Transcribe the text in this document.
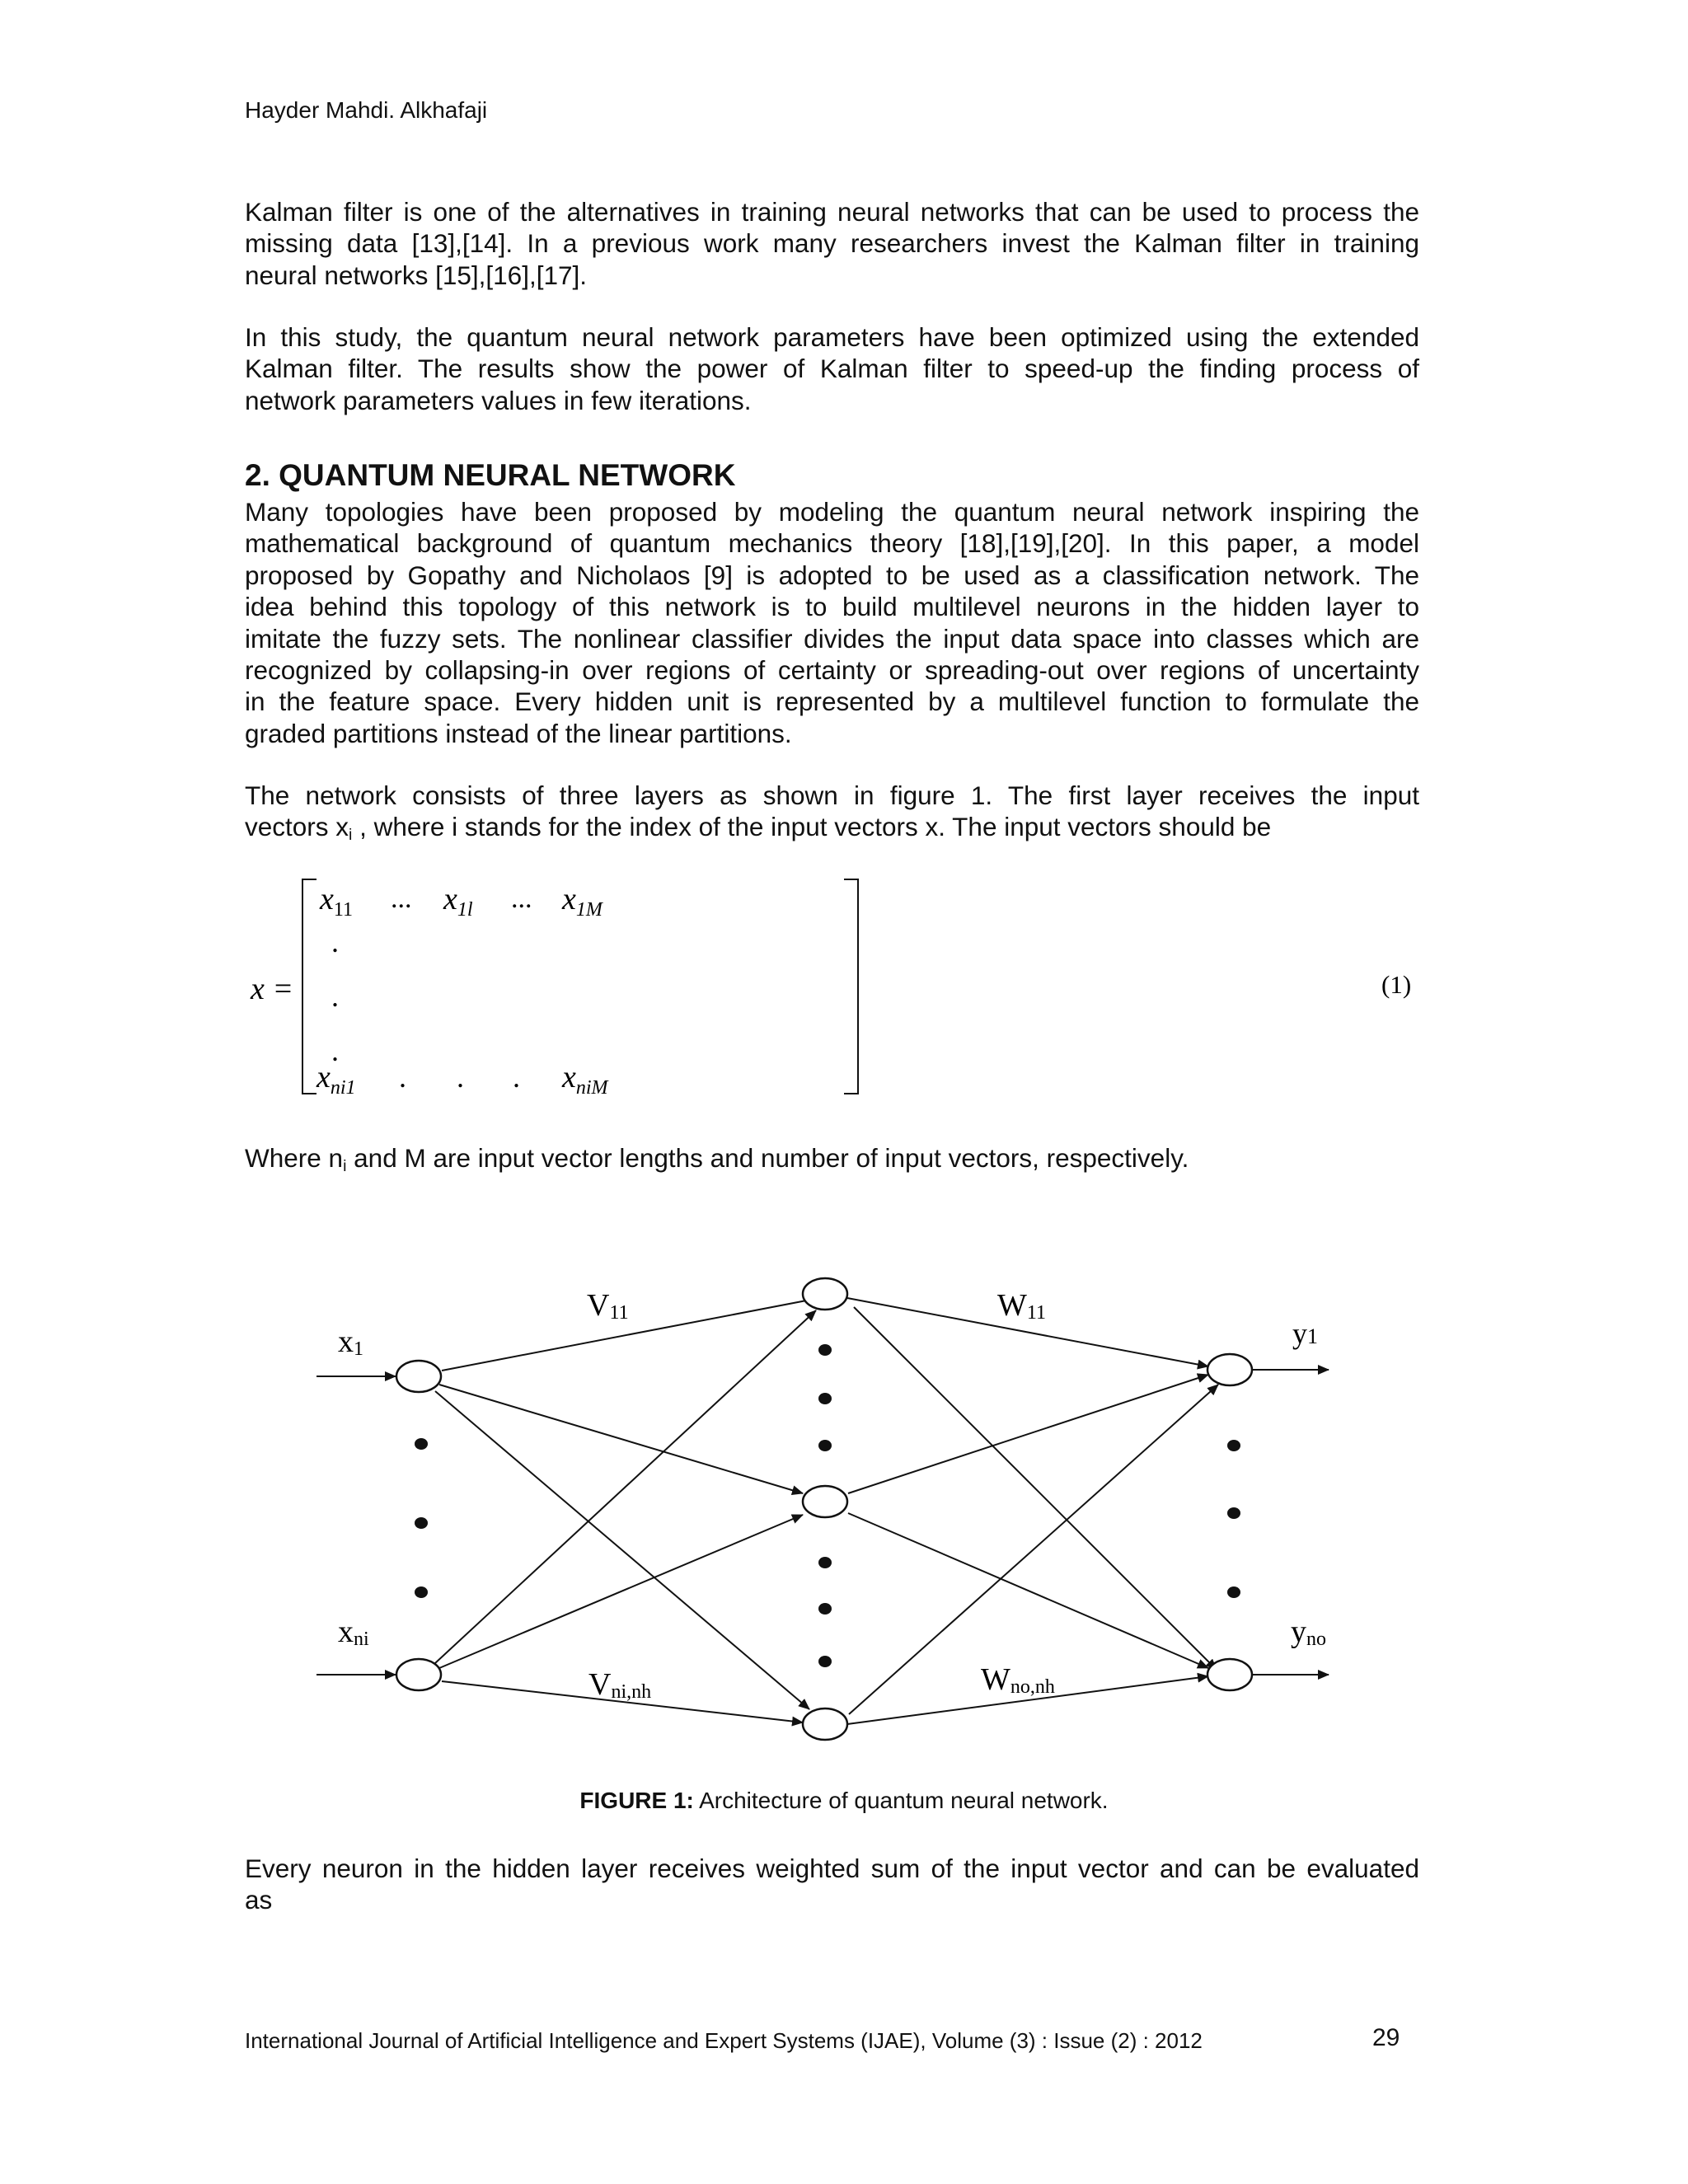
Hayder Mahdi. Alkhafaji
Kalman filter is one of the alternatives in training neural networks that can be used to process the
missing data [13],[14]. In a previous work many researchers invest the Kalman filter in training
neural networks [15],[16],[17].
In this study, the quantum neural network parameters have been optimized using the extended
Kalman filter. The results show the power of Kalman filter to speed-up the finding process of
network parameters values in few iterations.
2. QUANTUM NEURAL NETWORK
Many topologies have been proposed by modeling the quantum neural network inspiring the
mathematical background of quantum mechanics theory [18],[19],[20]. In this paper, a model
proposed by Gopathy and Nicholaos [9] is adopted to be used as a classification network. The
idea behind this topology of this network is to build multilevel neurons in the hidden layer to
imitate the fuzzy sets. The nonlinear classifier divides the input data space into classes which are
recognized by collapsing-in over regions of certainty or spreading-out over regions of uncertainty
in the feature space. Every hidden unit is represented by a multilevel function to formulate the
graded partitions instead of the linear partitions.
The network consists of three layers as shown in figure 1. The first layer receives the input
vectors $x_i$ , where i stands for the index of the input vectors x. The input vectors should be
x =
$x_{11}$ ... $x_{1l}$ ... $x_{1M}$
.
.
.
$x_{ni1}$ . . . $x_{niM}$
(1)
Where $n_i$ and M are input vector lengths and number of input vectors, respectively.
x1
xni
V11
Vni,nh
W11
Wno,nh
y1
yno
FIGURE 1: Architecture of quantum neural network.
Every neuron in the hidden layer receives weighted sum of the input vector and can be evaluated
as
International Journal of Artificial Intelligence and Expert Systems (IJAE), Volume (3) : Issue (2) : 2012	29
